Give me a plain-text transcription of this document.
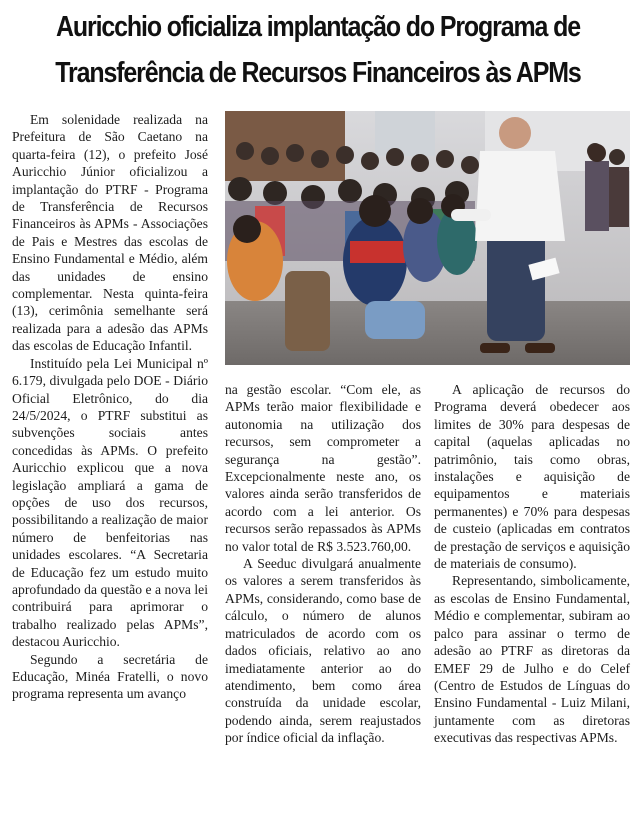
Auricchio oficializa implantação do Programa de
Transferência de Recursos Financeiros às APMs

Em solenidade realizada na Prefeitura de São Caetano na quarta-feira (12), o prefeito José Auricchio Júnior oficializou a implantação do PTRF - Programa de Transferência de Recursos Financeiros às APMs - Associações de Pais e Mestres das escolas de Ensino Fundamental e Médio, além das unidades de ensino complementar. Nesta quinta-feira (13), cerimônia semelhante será realizada para a adesão das APMs das escolas de Educação Infantil.

Instituído pela Lei Municipal nº 6.179, divulgada pelo DOE - Diário Oficial Eletrônico, do dia 24/5/2024, o PTRF substitui as subvenções sociais antes concedidas às APMs. O prefeito Auricchio explicou que a nova legislação ampliará a gama de opções de uso dos recursos, possibilitando a realização de maior número de benfeitorias nas unidades escolares. “A Secretaria de Educação fez um estudo muito aprofundado da questão e a nova lei contribuirá para aprimorar o trabalho realizado pelas APMs”, destacou Auricchio.

Segundo a secretária de Educação, Minéa Fratelli, o novo programa representa um avanço

na gestão escolar. “Com ele, as APMs terão maior flexibilidade e autonomia na utilização dos recursos, sem comprometer a segurança na gestão”. Excepcionalmente neste ano, os valores ainda serão transferidos de acordo com a lei anterior. Os recursos serão repassados às APMs no valor total de R$ 3.523.760,00.

A Seeduc divulgará anualmente os valores a serem transferidos às APMs, considerando, como base de cálculo, o número de alunos matriculados de acordo com os dados oficiais, relativo ao ano imediatamente anterior ao do atendimento, bem como área construída da unidade escolar, podendo ainda, serem reajustados por índice oficial da inflação.

A aplicação de recursos do Programa deverá obedecer aos limites de 30% para despesas de capital (aquelas aplicadas no patrimônio, tais como obras, instalações e aquisição de equipamentos e materiais permanentes) e 70% para despesas de custeio (aplicadas em contratos de prestação de serviços e aquisição de materiais de consumo).

Representando, simbolicamente, as escolas de Ensino Fundamental, Médio e complementar, subiram ao palco para assinar o termo de adesão ao PTRF as diretoras da EMEF 29 de Julho e do Celef (Centro de Estudos de Línguas do Ensino Fundamental - Luiz Milani, juntamente com as diretoras executivas das respectivas APMs.
